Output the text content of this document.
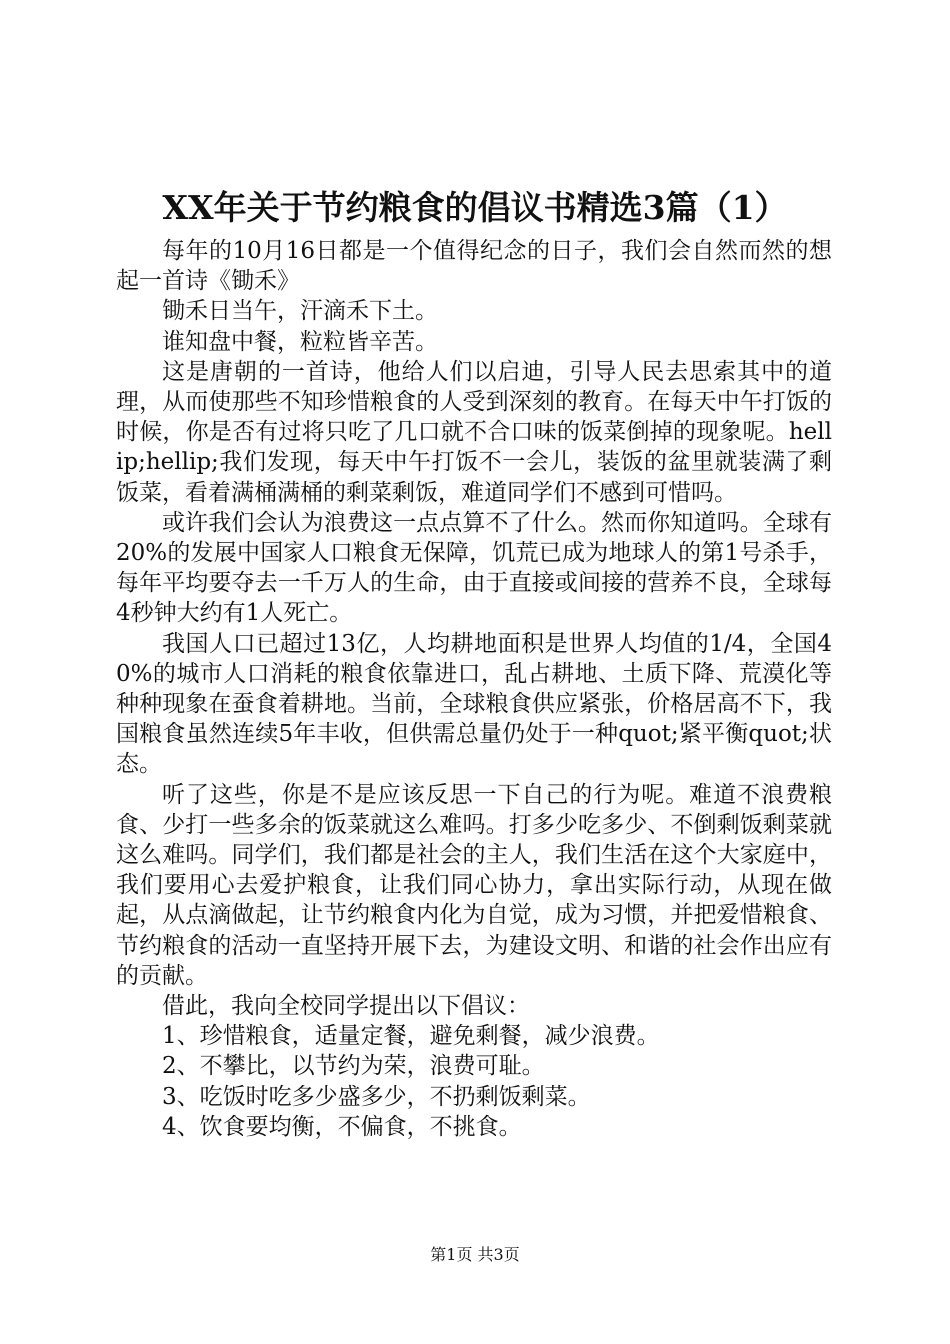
XX年关于节约粮食的倡议书精选3篇（1）

每年的10月16日都是一个值得纪念的日子，我们会自然而然的想起一首诗《锄禾》

锄禾日当午，汗滴禾下土。

谁知盘中餐，粒粒皆辛苦。

这是唐朝的一首诗，他给人们以启迪，引导人民去思索其中的道理，从而使那些不知珍惜粮食的人受到深刻的教育。在每天中午打饭的时候，你是否有过将只吃了几口就不合口味的饭菜倒掉的现象呢。hellip;hellip;我们发现，每天中午打饭不一会儿，装饭的盆里就装满了剩饭菜，看着满桶满桶的剩菜剩饭，难道同学们不感到可惜吗。

或许我们会认为浪费这一点点算不了什么。然而你知道吗。全球有20%的发展中国家人口粮食无保障，饥荒已成为地球人的第1号杀手，每年平均要夺去一千万人的生命，由于直接或间接的营养不良，全球每4秒钟大约有1人死亡。

我国人口已超过13亿，人均耕地面积是世界人均值的1/4，全国40%的城市人口消耗的粮食依靠进口，乱占耕地、土质下降、荒漠化等种种现象在蚕食着耕地。当前，全球粮食供应紧张，价格居高不下，我国粮食虽然连续5年丰收，但供需总量仍处于一种quot;紧平衡quot;状态。

听了这些，你是不是应该反思一下自己的行为呢。难道不浪费粮食、少打一些多余的饭菜就这么难吗。打多少吃多少、不倒剩饭剩菜就这么难吗。同学们，我们都是社会的主人，我们生活在这个大家庭中，我们要用心去爱护粮食，让我们同心协力，拿出实际行动，从现在做起，从点滴做起，让节约粮食内化为自觉，成为习惯，并把爱惜粮食、节约粮食的活动一直坚持开展下去，为建设文明、和谐的社会作出应有的贡献。

借此，我向全校同学提出以下倡议：

1、珍惜粮食，适量定餐，避免剩餐，减少浪费。

2、不攀比，以节约为荣，浪费可耻。

3、吃饭时吃多少盛多少，不扔剩饭剩菜。

4、饮食要均衡，不偏食，不挑食。

第1页 共3页
